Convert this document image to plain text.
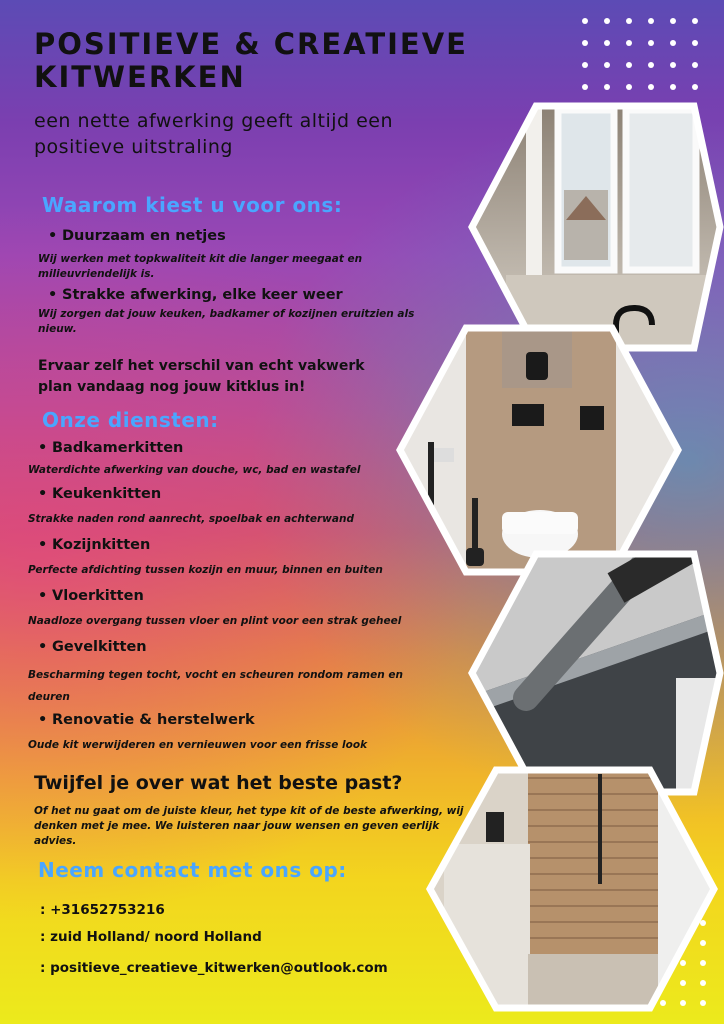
POSITIEVE & CREATIEVE
KITWERKEN

een nette afwerking geeft altijd een
positieve uitstraling

Waarom kiest u voor ons:
• Duurzaam en netjes
Wij werken met topkwaliteit kit die langer meegaat en
milieuvriendelijk is.
• Strakke afwerking, elke keer weer
Wij zorgen dat jouw keuken, badkamer of kozijnen eruitzien als
nieuw.
Ervaar zelf het verschil van echt vakwerk
plan vandaag nog jouw kitklus in!
Onze diensten:
• Badkamerkitten
Waterdichte afwerking van douche, wc, bad en wastafel
• Keukenkitten
Strakke naden rond aanrecht, spoelbak en achterwand
• Kozijnkitten
Perfecte afdichting tussen kozijn en muur, binnen en buiten
• Vloerkitten
Naadloze overgang tussen vloer en plint voor een strak geheel
• Gevelkitten
Bescharming tegen tocht, vocht en scheuren rondom ramen en
deuren
• Renovatie & herstelwerk
Oude kit werwijderen en vernieuwen voor een frisse look
Twijfel je over wat het beste past?
Of het nu gaat om de juiste kleur, het type kit of de beste afwerking, wij
denken met je mee. We luisteren naar jouw wensen en geven eerlijk
advies.
Neem contact met ons op:
: +31652753216
: zuid Holland/ noord Holland
: positieve_creatieve_kitwerken@outlook.com
